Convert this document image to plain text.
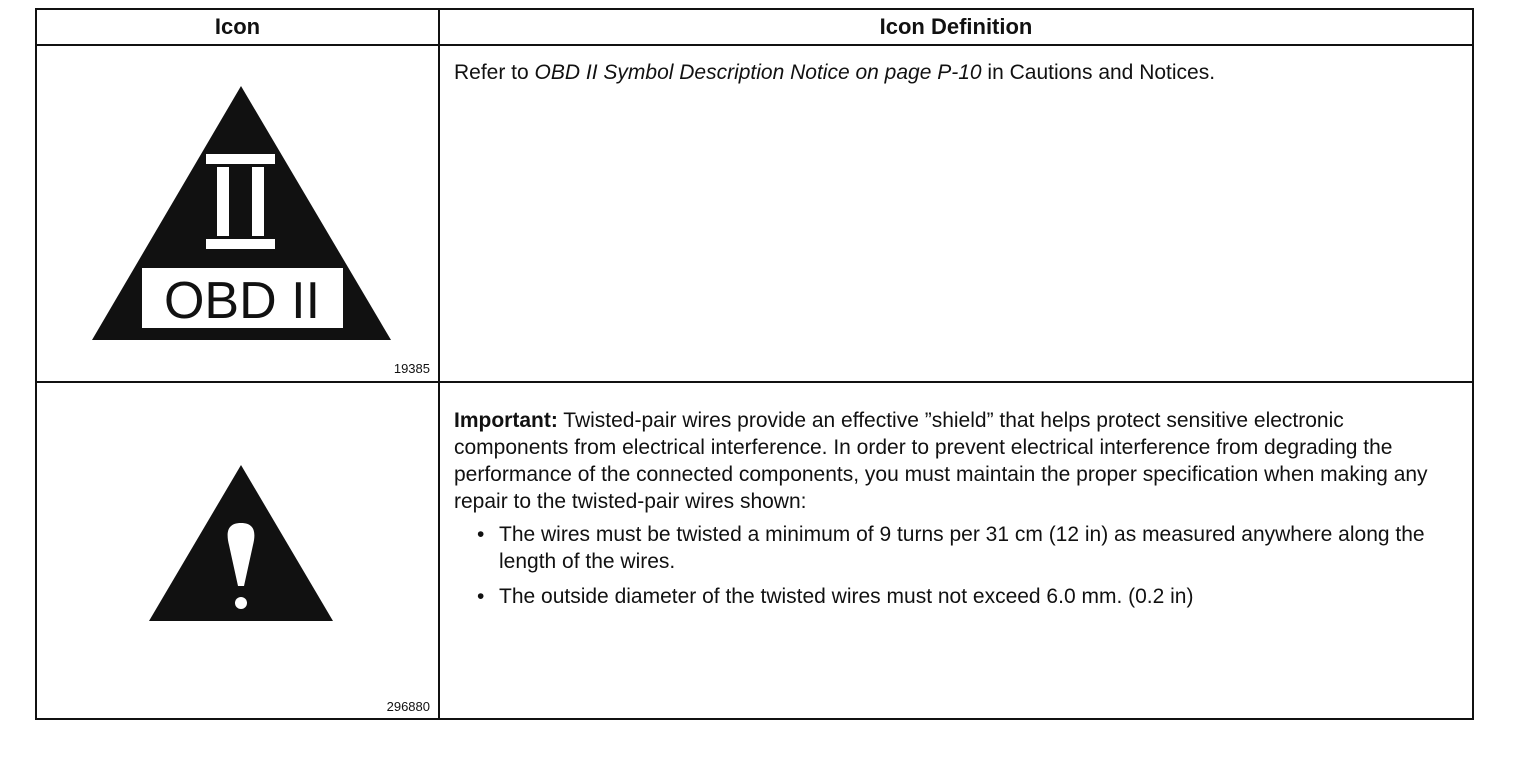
Icon	Icon Definition
OBD II
19385
Refer to OBD II Symbol Description Notice on page P-10 in Cautions and Notices.
296880
Important: Twisted-pair wires provide an effective ”shield” that helps protect sensitive electronic components from electrical interference. In order to prevent electrical interference from degrading the performance of the connected components, you must maintain the proper specification when making any repair to the twisted-pair wires shown:
• The wires must be twisted a minimum of 9 turns per 31 cm (12 in) as measured anywhere along the length of the wires.
• The outside diameter of the twisted wires must not exceed 6.0 mm. (0.2 in)
